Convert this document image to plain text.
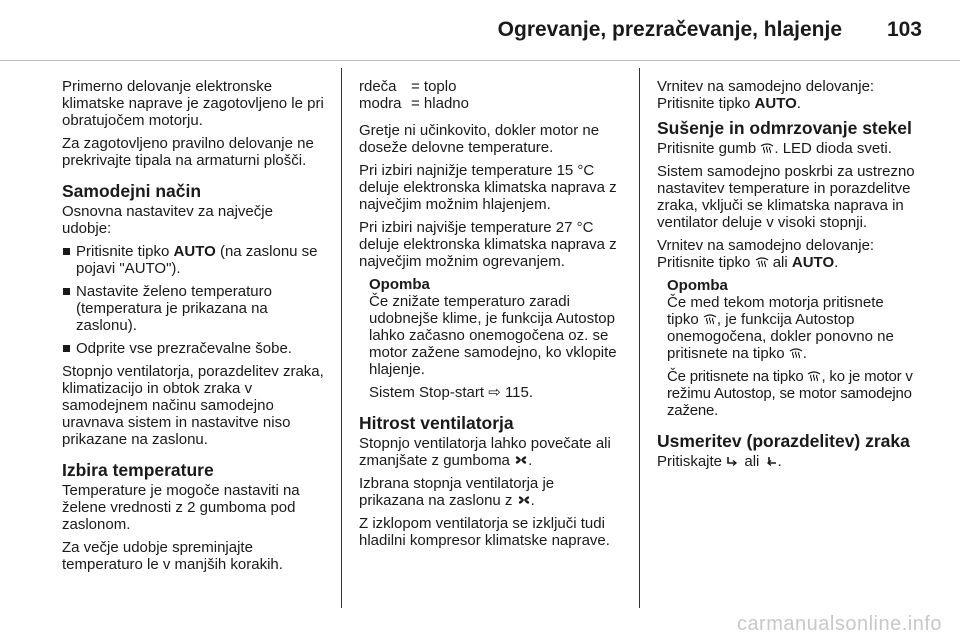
Ogrevanje, prezračevanje, hlajenje 103

Primerno delovanje elektronske klimatske naprave je zagotovljeno le pri obratujočem motorju.

Za zagotovljeno pravilno delovanje ne prekrivajte tipala na armaturni plošči.

Samodejni način

Osnovna nastavitev za največje udobje:

Pritisnite tipko AUTO (na zaslonu se pojavi "AUTO").
Nastavite želeno temperaturo (temperatura je prikazana na zaslonu).
Odprite vse prezračevalne šobe.

Stopnjo ventilatorja, porazdelitev zraka, klimatizacijo in obtok zraka v samodejnem načinu samodejno uravnava sistem in nastavitve niso prikazane na zaslonu.

Izbira temperature

Temperature je mogoče nastaviti na želene vrednosti z 2 gumboma pod zaslonom.

Za večje udobje spreminjajte temperaturo le v manjših korakih.

rdeča = toplo
modra = hladno

Gretje ni učinkovito, dokler motor ne doseže delovne temperature.

Pri izbiri najnižje temperature 15 °C deluje elektronska klimatska naprava z največjim možnim hlajenjem.

Pri izbiri najvišje temperature 27 °C deluje elektronska klimatska naprava z največjim možnim ogrevanjem.

Opomba

Če znižate temperaturo zaradi udobnejše klime, je funkcija Autostop lahko začasno onemogočena oz. se motor zažene samodejno, ko vklopite hlajenje.

Sistem Stop-start ⇨ 115.

Hitrost ventilatorja

Stopnjo ventilatorja lahko povečate ali zmanjšate z gumboma
.

Izbrana stopnja ventilatorja je prikazana na zaslonu z
.

Z izklopom ventilatorja se izključi tudi hladilni kompresor klimatske naprave.

Vrnitev na samodejno delovanje:
Pritisnite tipko AUTO.

Sušenje in odmrzovanje stekel

Pritisnite gumb
. LED dioda sveti.

Sistem samodejno poskrbi za ustrezno nastavitev temperature in porazdelitve zraka, vključi se klimatska naprava in ventilator deluje v visoki stopnji.

Vrnitev na samodejno delovanje:
Pritisnite tipko
ali AUTO.

Opomba

Če med tekom motorja pritisnete tipko
, je funkcija Autostop onemogočena, dokler ponovno ne pritisnete na tipko
.

Če pritisnete na tipko
, ko je motor v režimu Autostop, se motor samodejno zažene.

Usmeritev (porazdelitev) zraka

Pritiskajte
ali
.

carmanualsonline.info
